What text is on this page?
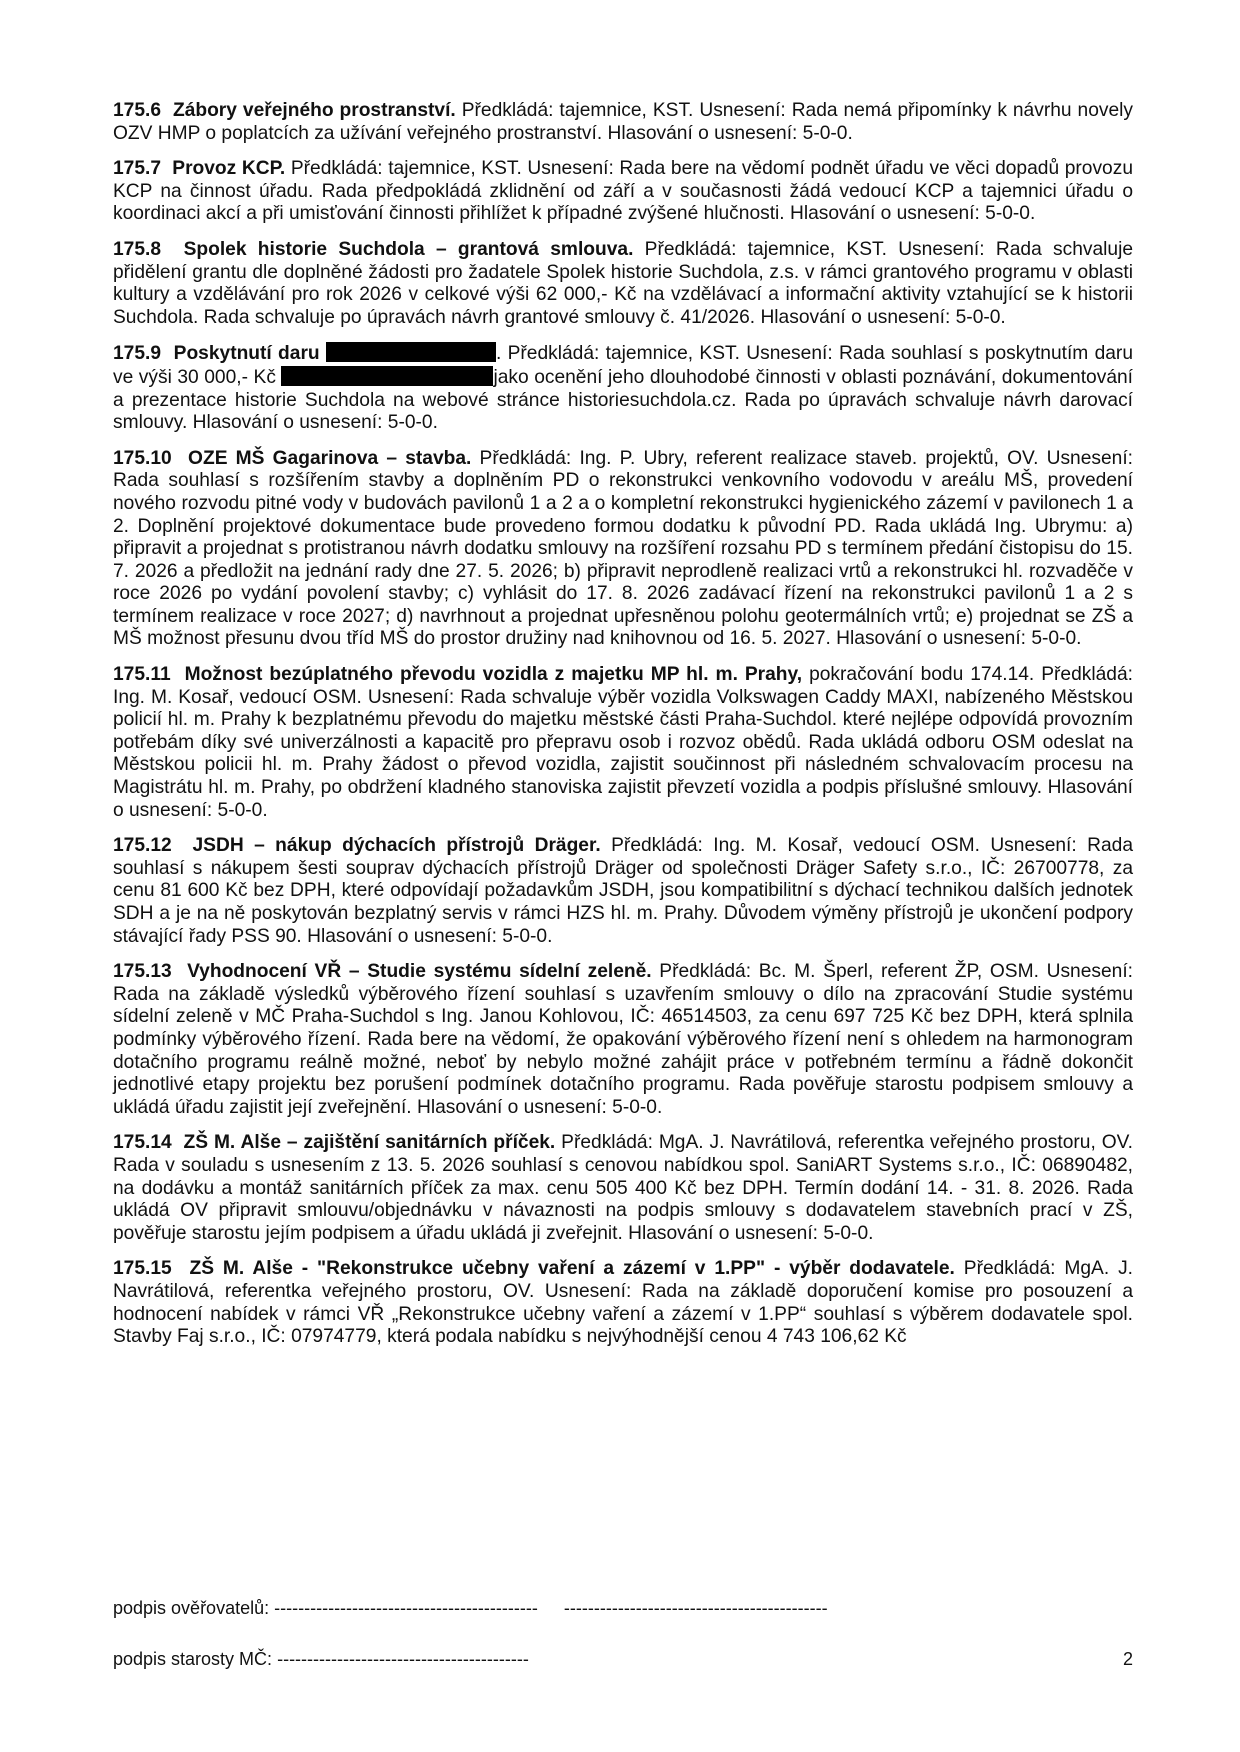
175.6 Zábory veřejného prostranství. Předkládá: tajemnice, KST. Usnesení: Rada nemá připomínky k návrhu novely OZV HMP o poplatcích za užívání veřejného prostranství. Hlasování o usnesení: 5-0-0.

175.7 Provoz KCP. Předkládá: tajemnice, KST. Usnesení: Rada bere na vědomí podnět úřadu ve věci dopadů provozu KCP na činnost úřadu. Rada předpokládá zklidnění od září a v současnosti žádá vedoucí KCP a tajemnici úřadu o koordinaci akcí a při umisťování činnosti přihlížet k případné zvýšené hlučnosti. Hlasování o usnesení: 5-0-0.

175.8 Spolek historie Suchdola – grantová smlouva. Předkládá: tajemnice, KST. Usnesení: Rada schvaluje přidělení grantu dle doplněné žádosti pro žadatele Spolek historie Suchdola, z.s. v rámci grantového programu v oblasti kultury a vzdělávání pro rok 2026 v celkové výši 62 000,- Kč na vzdělávací a informační aktivity vztahující se k historii Suchdola. Rada schvaluje po úpravách návrh grantové smlouvy č. 41/2026. Hlasování o usnesení: 5-0-0.

175.9 Poskytnutí daru	. Předkládá: tajemnice, KST. Usnesení: Rada souhlasí s poskytnutím daru ve výši 30 000,- Kč	jako ocenění jeho dlouhodobé činnosti v oblasti poznávání, dokumentování a prezentace historie Suchdola na webové stránce historiesuchdola.cz. Rada po úpravách schvaluje návrh darovací smlouvy. Hlasování o usnesení: 5-0-0.

175.10 OZE MŠ Gagarinova – stavba. Předkládá: Ing. P. Ubry, referent realizace staveb. projektů, OV. Usnesení: Rada souhlasí s rozšířením stavby a doplněním PD o rekonstrukci venkovního vodovodu v areálu MŠ, provedení nového rozvodu pitné vody v budovách pavilonů 1 a 2 a o kompletní rekonstrukci hygienického zázemí v pavilonech 1 a 2. Doplnění projektové dokumentace bude provedeno formou dodatku k původní PD. Rada ukládá Ing. Ubrymu: a) připravit a projednat s protistranou návrh dodatku smlouvy na rozšíření rozsahu PD s termínem předání čistopisu do 15. 7. 2026 a předložit na jednání rady dne 27. 5. 2026; b) připravit neprodleně realizaci vrtů a rekonstrukci hl. rozvaděče v roce 2026 po vydání povolení stavby; c) vyhlásit do 17. 8. 2026 zadávací řízení na rekonstrukci pavilonů 1 a 2 s termínem realizace v roce 2027; d) navrhnout a projednat upřesněnou polohu geotermálních vrtů; e) projednat se ZŠ a MŠ možnost přesunu dvou tříd MŠ do prostor družiny nad knihovnou od 16. 5. 2027. Hlasování o usnesení: 5-0-0.

175.11 Možnost bezúplatného převodu vozidla z majetku MP hl. m. Prahy, pokračování bodu 174.14. Předkládá: Ing. M. Kosař, vedoucí OSM. Usnesení: Rada schvaluje výběr vozidla Volkswagen Caddy MAXI, nabízeného Městskou policií hl. m. Prahy k bezplatnému převodu do majetku městské části Praha-Suchdol. které nejlépe odpovídá provozním potřebám díky své univerzálnosti a kapacitě pro přepravu osob i rozvoz obědů. Rada ukládá odboru OSM odeslat na Městskou policii hl. m. Prahy žádost o převod vozidla, zajistit součinnost při následném schvalovacím procesu na Magistrátu hl. m. Prahy, po obdržení kladného stanoviska zajistit převzetí vozidla a podpis příslušné smlouvy. Hlasování o usnesení: 5-0-0.

175.12 JSDH – nákup dýchacích přístrojů Dräger. Předkládá: Ing. M. Kosař, vedoucí OSM. Usnesení: Rada souhlasí s nákupem šesti souprav dýchacích přístrojů Dräger od společnosti Dräger Safety s.r.o., IČ: 26700778, za cenu 81 600 Kč bez DPH, které odpovídají požadavkům JSDH, jsou kompatibilitní s dýchací technikou dalších jednotek SDH a je na ně poskytován bezplatný servis v rámci HZS hl. m. Prahy. Důvodem výměny přístrojů je ukončení podpory stávající řady PSS 90. Hlasování o usnesení: 5-0-0.

175.13 Vyhodnocení VŘ – Studie systému sídelní zeleně. Předkládá: Bc. M. Šperl, referent ŽP, OSM. Usnesení: Rada na základě výsledků výběrového řízení souhlasí s uzavřením smlouvy o dílo na zpracování Studie systému sídelní zeleně v MČ Praha-Suchdol s Ing. Janou Kohlovou, IČ: 46514503, za cenu 697 725 Kč bez DPH, která splnila podmínky výběrového řízení. Rada bere na vědomí, že opakování výběrového řízení není s ohledem na harmonogram dotačního programu reálně možné, neboť by nebylo možné zahájit práce v potřebném termínu a řádně dokončit jednotlivé etapy projektu bez porušení podmínek dotačního programu. Rada pověřuje starostu podpisem smlouvy a ukládá úřadu zajistit její zveřejnění. Hlasování o usnesení: 5-0-0.

175.14 ZŠ M. Alše – zajištění sanitárních příček. Předkládá: MgA. J. Navrátilová, referentka veřejného prostoru, OV. Rada v souladu s usnesením z 13. 5. 2026 souhlasí s cenovou nabídkou spol. SaniART Systems s.r.o., IČ: 06890482, na dodávku a montáž sanitárních příček za max. cenu 505 400 Kč bez DPH. Termín dodání 14. - 31. 8. 2026. Rada ukládá OV připravit smlouvu/objednávku v návaznosti na podpis smlouvy s dodavatelem stavebních prací v ZŠ, pověřuje starostu jejím podpisem a úřadu ukládá ji zveřejnit. Hlasování o usnesení: 5-0-0.

175.15 ZŠ M. Alše - "Rekonstrukce učebny vaření a zázemí v 1.PP" - výběr dodavatele. Předkládá: MgA. J. Navrátilová, referentka veřejného prostoru, OV. Usnesení: Rada na základě doporučení komise pro posouzení a hodnocení nabídek v rámci VŘ „Rekonstrukce učebny vaření a zázemí v 1.PP“ souhlasí s výběrem dodavatele spol. Stavby Faj s.r.o., IČ: 07974779, která podala nabídku s nejvýhodnější cenou 4 743 106,62 Kč

podpis ověřovatelů:
-------------------------------------------- --------------------------------------------
podpis starosty MČ:
------------------------------------------	2
